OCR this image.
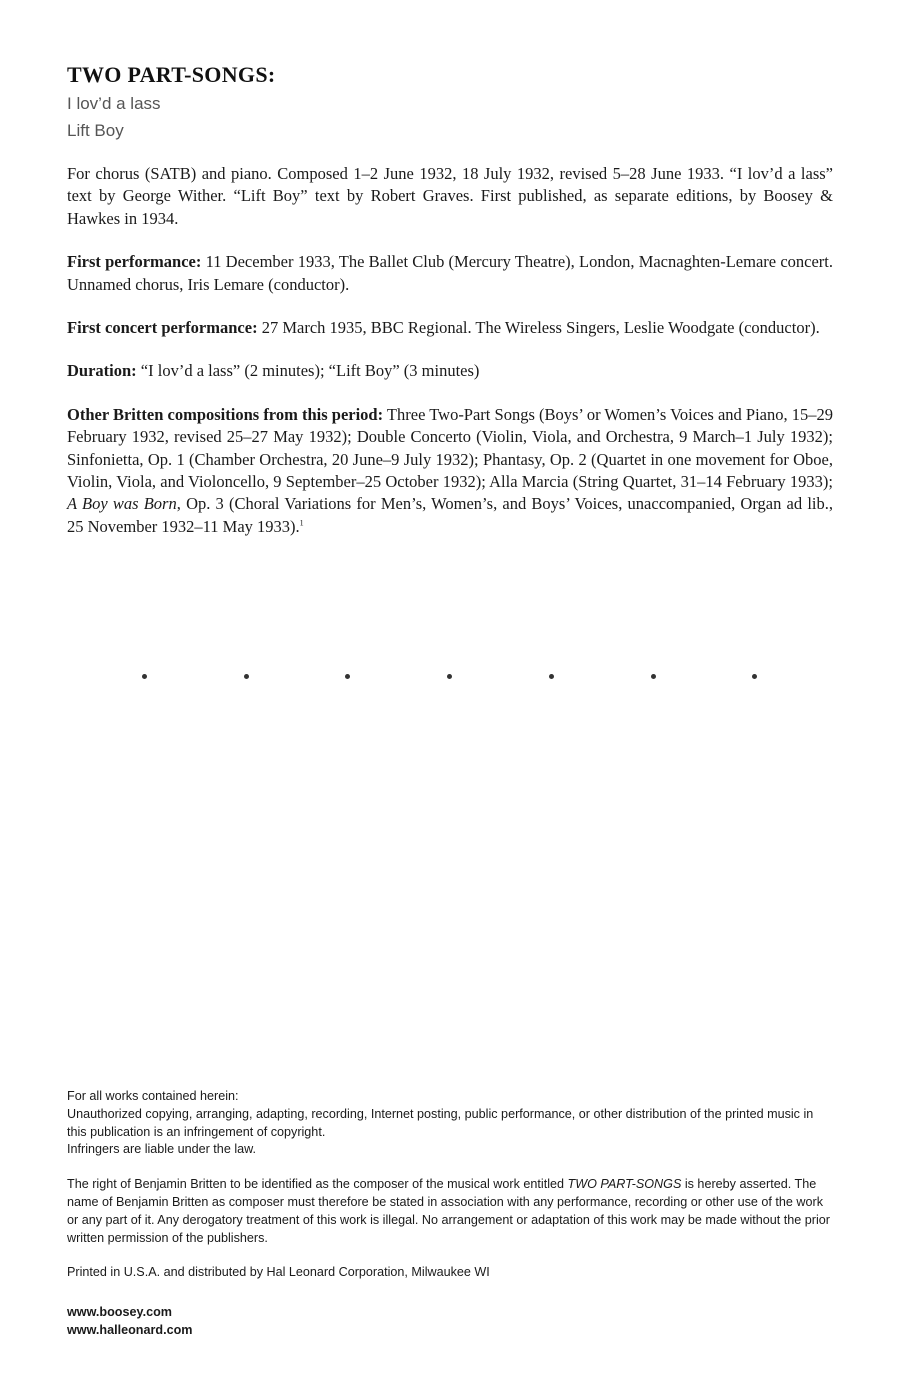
TWO PART-SONGS:

I lov’d a lass

Lift Boy

For chorus (SATB) and piano. Composed 1–2 June 1932, 18 July 1932, revised 5–28 June 1933. “I lov’d a lass” text by George Wither. “Lift Boy” text by Robert Graves. First published, as separate editions, by Boosey & Hawkes in 1934.

First performance: 11 December 1933, The Ballet Club (Mercury Theatre), London, Macnaghten-Lemare concert. Unnamed chorus, Iris Lemare (conductor).

First concert performance: 27 March 1935, BBC Regional. The Wireless Singers, Leslie Woodgate (conductor).

Duration: “I lov’d a lass” (2 minutes); “Lift Boy” (3 minutes)

Other Britten compositions from this period: Three Two-Part Songs (Boys’ or Women’s Voices and Piano, 15–29 February 1932, revised 25–27 May 1932); Double Concerto (Violin, Viola, and Orchestra, 9 March–1 July 1932); Sinfonietta, Op. 1 (Chamber Orchestra, 20 June–9 July 1932); Phantasy, Op. 2 (Quartet in one movement for Oboe, Violin, Viola, and Violoncello, 9 September–25 October 1932); Alla Marcia (String Quartet, 31–14 February 1933); A Boy was Born, Op. 3 (Choral Variations for Men’s, Women’s, and Boys’ Voices, unaccompanied, Organ ad lib., 25 November 1932–11 May 1933).$^1$

For all works contained herein:
Unauthorized copying, arranging, adapting, recording, Internet posting, public performance, or other distribution of the printed music in this publication is an infringement of copyright.
Infringers are liable under the law.

The right of Benjamin Britten to be identified as the composer of the musical work entitled TWO PART-SONGS is hereby asserted. The name of Benjamin Britten as composer must therefore be stated in association with any performance, recording or other use of the work or any part of it. Any derogatory treatment of this work is illegal. No arrangement or adaptation of this work may be made without the prior written permission of the publishers.

Printed in U.S.A. and distributed by Hal Leonard Corporation, Milwaukee WI

www.boosey.com
www.halleonard.com
